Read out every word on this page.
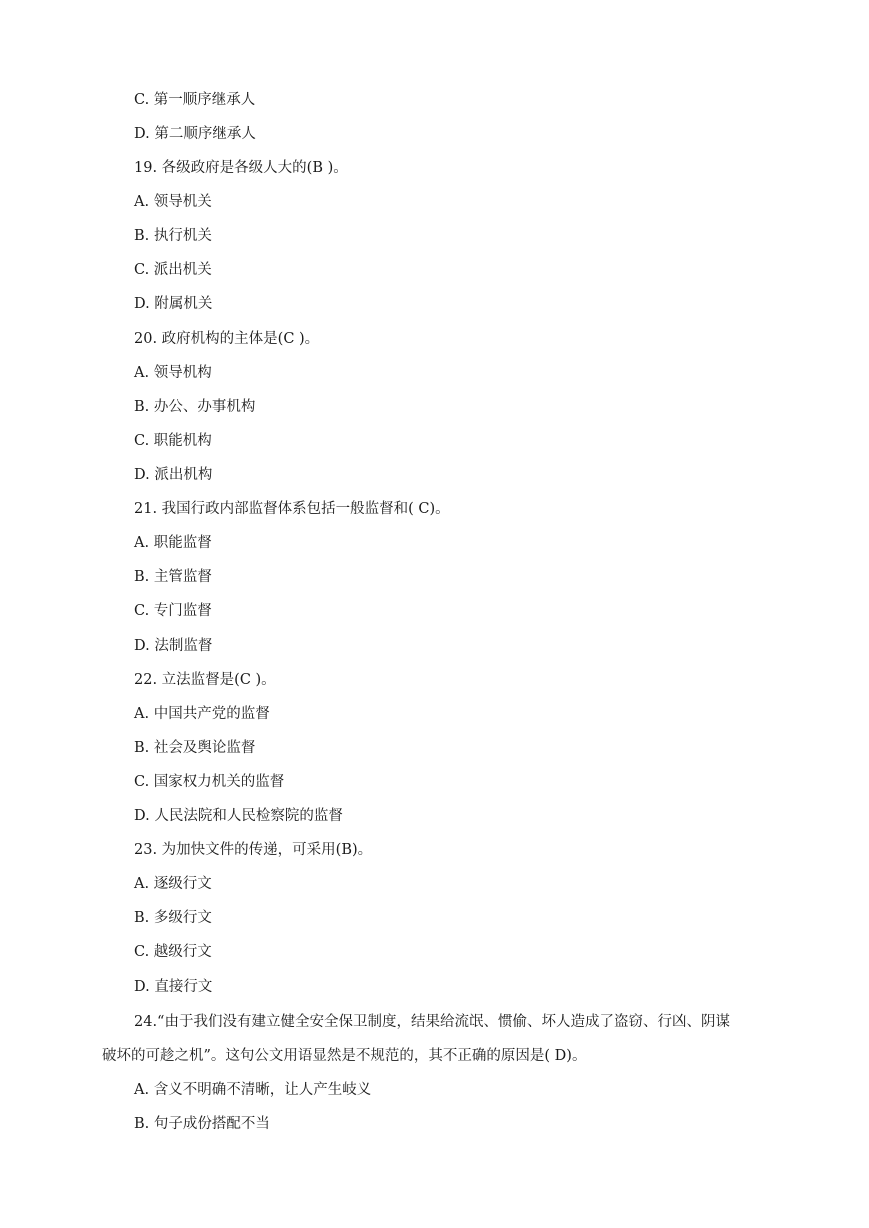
C. 第一顺序继承人
D. 第二顺序继承人
19. 各级政府是各级人大的(B )。
A. 领导机关
B. 执行机关
C. 派出机关
D. 附属机关
20. 政府机构的主体是(C )。
A. 领导机构
B. 办公、办事机构
C. 职能机构
D. 派出机构
21. 我国行政内部监督体系包括一般监督和( C)。
A. 职能监督
B. 主管监督
C. 专门监督
D. 法制监督
22. 立法监督是(C )。
A. 中国共产党的监督
B. 社会及舆论监督
C. 国家权力机关的监督
D. 人民法院和人民检察院的监督
23. 为加快文件的传递，可采用(B)。
A. 逐级行文
B. 多级行文
C. 越级行文
D. 直接行文
24.“由于我们没有建立健全安全保卫制度，结果给流氓、惯偷、坏人造成了盗窃、行凶、阴谋
破坏的可趁之机”。这句公文用语显然是不规范的，其不正确的原因是( D)。
A. 含义不明确不清晰，让人产生岐义
B. 句子成份搭配不当
